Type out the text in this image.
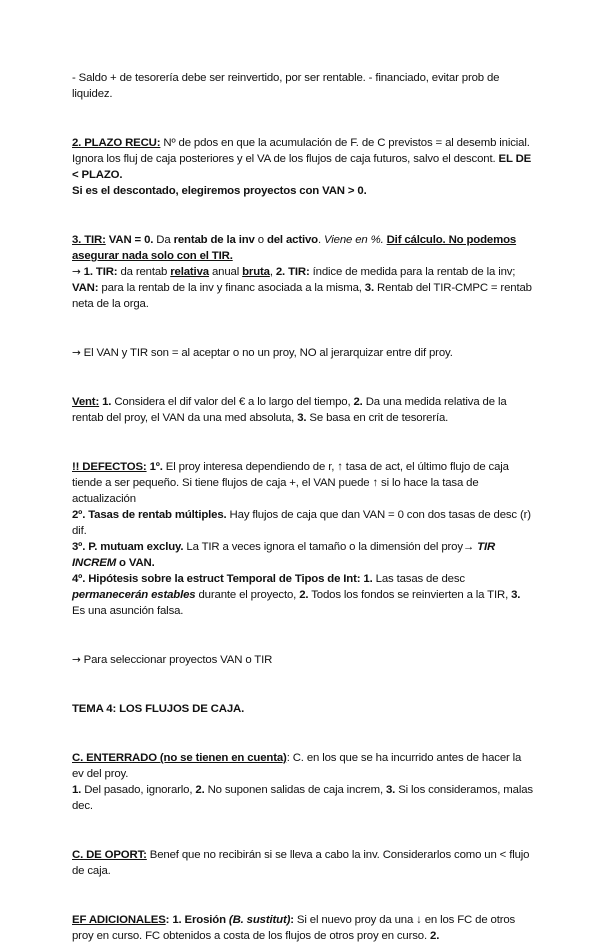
- Saldo + de tesorería debe ser reinvertido, por ser rentable. - financiado, evitar prob de liquidez.

2. PLAZO RECU: Nº de pdos en que la acumulación de F. de C previstos = al desemb inicial. Ignora los fluj de caja posteriores y el VA de los flujos de caja futuros, salvo el descont. EL DE < PLAZO.
Si es el descontado, elegiremos proyectos con VAN > 0.

3. TIR: VAN = 0. Da rentab de la inv o del activo. Viene en %. Dif cálculo. No podemos asegurar nada solo con el TIR.

→ 1. TIR: da rentab relativa anual bruta, 2. TIR: índice de medida para la rentab de la inv; VAN: para la rentab de la inv y financ asociada a la misma, 3. Rentab del TIR-CMPC = rentab neta de la orga.

→ El VAN y TIR son = al aceptar o no un proy, NO al jerarquizar entre dif proy.

Vent: 1. Considera el dif valor del € a lo largo del tiempo, 2. Da una medida relativa de la rentab del proy, el VAN da una med absoluta, 3. Se basa en crit de tesorería.

!! DEFECTOS: 1º. El proy interesa dependiendo de r, ↑ tasa de act, el último flujo de caja tiende a ser pequeño. Si tiene flujos de caja +, el VAN puede ↑ si lo hace la tasa de actualización

2º. Tasas de rentab múltiples. Hay flujos de caja que dan VAN = 0 con dos tasas de desc (r) dif.

3º. P. mutuam excluy. La TIR a veces ignora el tamaño o la dimensión del proy→ TIR INCREM o VAN.

4º. Hipótesis sobre la estruct Temporal de Tipos de Int: 1. Las tasas de desc permanecerán estables durante el proyecto, 2. Todos los fondos se reinvierten a la TIR, 3. Es una asunción falsa.

→ Para seleccionar proyectos VAN o TIR

TEMA 4: LOS FLUJOS DE CAJA.

C. ENTERRADO (no se tienen en cuenta): C. en los que se ha incurrido antes de hacer la ev del proy.

1. Del pasado, ignorarlo, 2. No suponen salidas de caja increm, 3. Si los consideramos, malas dec.

C. DE OPORT: Benef que no recibirán si se lleva a cabo la inv. Considerarlos como un < flujo de caja.

EF ADICIONALES: 1. Erosión (B. sustitut): Si el nuevo proy da una ↓ en los FC de otros proy en curso. FC obtenidos a costa de los flujos de otros proy en curso. 2.
